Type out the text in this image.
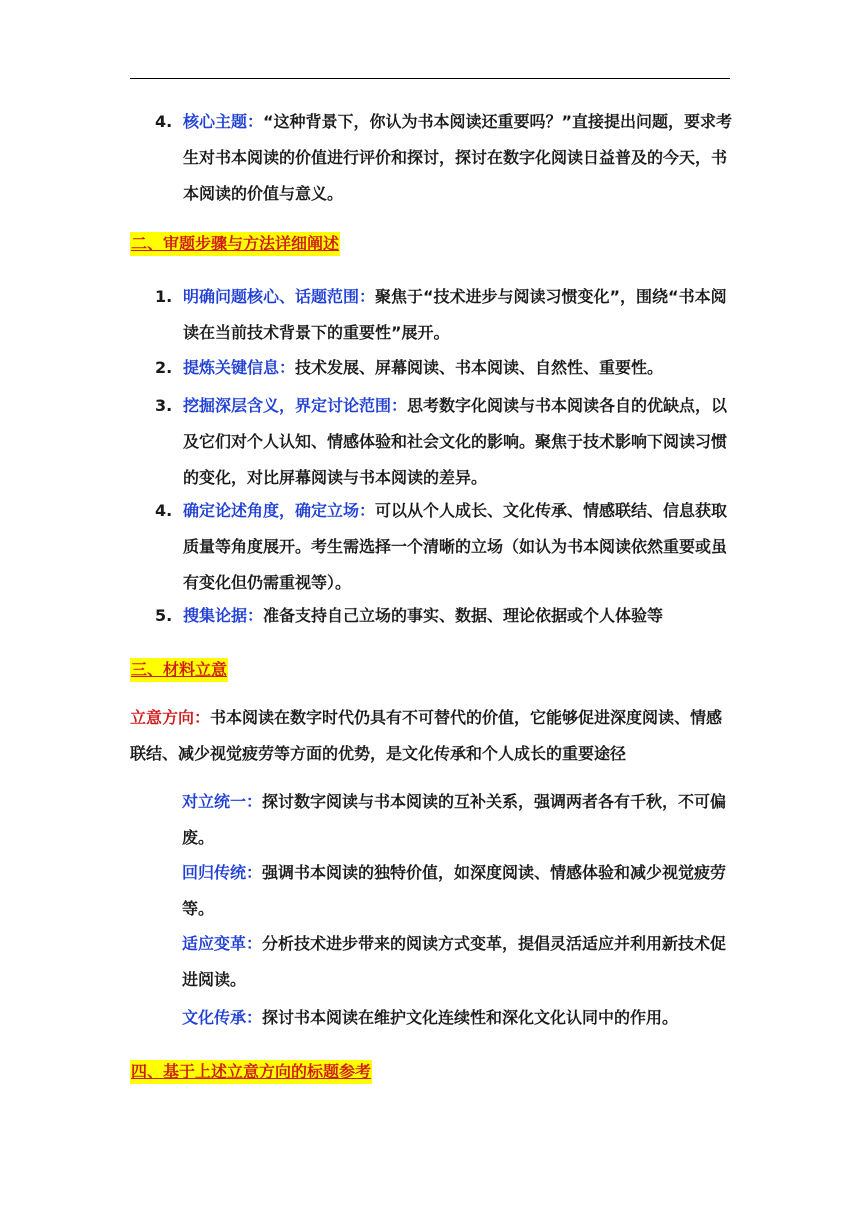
4. 核心主题：“这种背景下，你认为书本阅读还重要吗？”直接提出问题，要求考生对书本阅读的价值进行评价和探讨，探讨在数字化阅读日益普及的今天，书本阅读的价值与意义。
二、审题步骤与方法详细阐述
1. 明确问题核心、话题范围：聚焦于“技术进步与阅读习惯变化”，围绕“书本阅读在当前技术背景下的重要性”展开。
2. 提炼关键信息：技术发展、屏幕阅读、书本阅读、自然性、重要性。
3. 挖掘深层含义，界定讨论范围：思考数字化阅读与书本阅读各自的优缺点，以及它们对个人认知、情感体验和社会文化的影响。聚焦于技术影响下阅读习惯的变化，对比屏幕阅读与书本阅读的差异。
4. 确定论述角度，确定立场：可以从个人成长、文化传承、情感联结、信息获取质量等角度展开。考生需选择一个清晰的立场（如认为书本阅读依然重要或虽有变化但仍需重视等）。
5. 搜集论据：准备支持自己立场的事实、数据、理论依据或个人体验等
三、材料立意
立意方向：书本阅读在数字时代仍具有不可替代的价值，它能够促进深度阅读、情感联结、减少视觉疲劳等方面的优势，是文化传承和个人成长的重要途径
对立统一：探讨数字阅读与书本阅读的互补关系，强调两者各有千秋，不可偏废。
回归传统：强调书本阅读的独特价值，如深度阅读、情感体验和减少视觉疲劳等。
适应变革：分析技术进步带来的阅读方式变革，提倡灵活适应并利用新技术促进阅读。
文化传承：探讨书本阅读在维护文化连续性和深化文化认同中的作用。
四、基于上述立意方向的标题参考
